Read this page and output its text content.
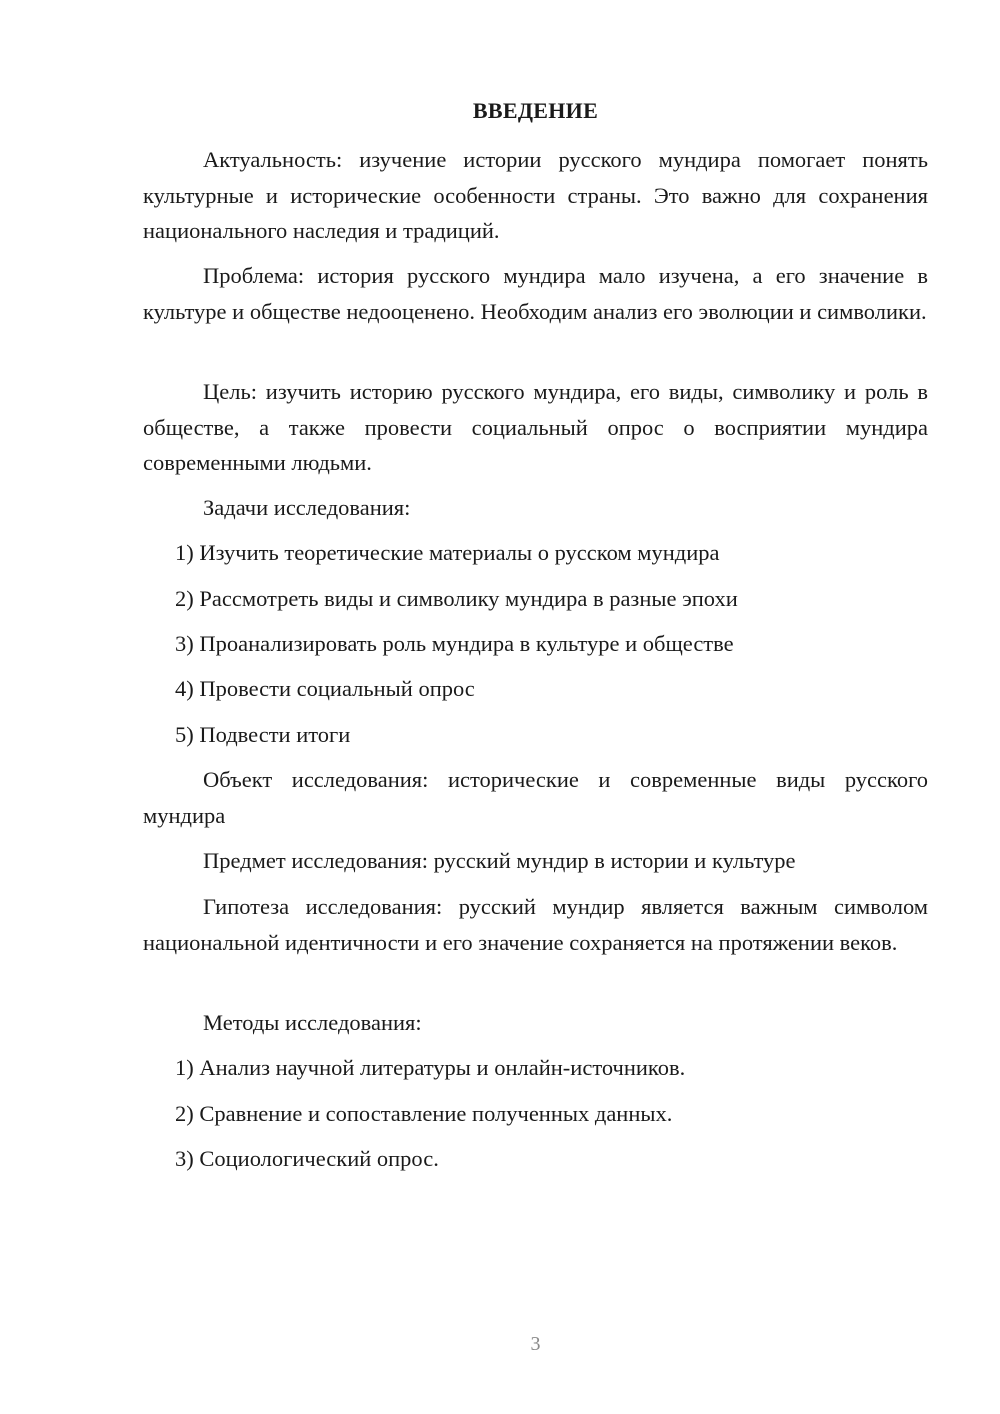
ВВЕДЕНИЕ
Актуальность: изучение истории русского мундира помогает понять культурные и исторические особенности страны. Это важно для сохранения национального наследия и традиций.
Проблема: история русского мундира мало изучена, а его значение в культуре и обществе недооценено. Необходим анализ его эволюции и символики.
Цель: изучить историю русского мундира, его виды, символику и роль в обществе, а также провести социальный опрос о восприятии мундира современными людьми.
Задачи исследования:
1) Изучить теоретические материалы о русском мундира
2) Рассмотреть виды и символику мундира в разные эпохи
3) Проанализировать роль мундира в культуре и обществе
4) Провести социальный опрос
5) Подвести итоги
Объект исследования: исторические и современные виды русского мундира
Предмет исследования: русский мундир в истории и культуре
Гипотеза исследования: русский мундир является важным символом национальной идентичности и его значение сохраняется на протяжении веков.
Методы исследования:
1) Анализ научной литературы и онлайн-источников.
2) Сравнение и сопоставление полученных данных.
3) Социологический опрос.
3
